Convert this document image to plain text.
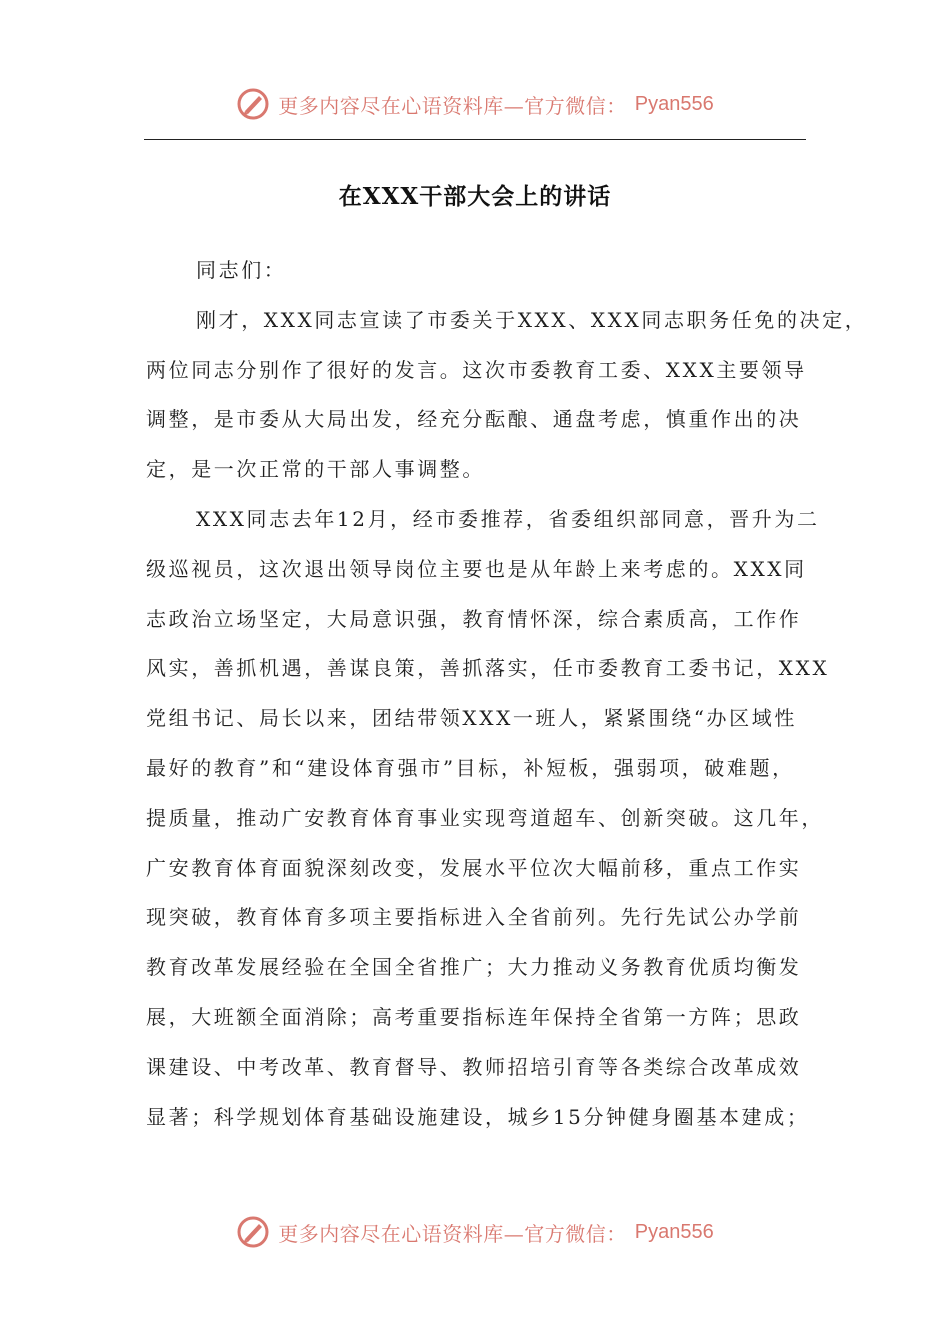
更多内容尽在心语资料库—官方微信： Pyan556
在XXX干部大会上的讲话
同志们：
刚才，XXX同志宣读了市委关于XXX、XXX同志职务任免的决定，
两位同志分别作了很好的发言。这次市委教育工委、XXX主要领导
调整，是市委从大局出发，经充分酝酿、通盘考虑，慎重作出的决
定，是一次正常的干部人事调整。
XXX同志去年12月，经市委推荐，省委组织部同意，晋升为二
级巡视员，这次退出领导岗位主要也是从年龄上来考虑的。XXX同
志政治立场坚定，大局意识强，教育情怀深，综合素质高，工作作
风实，善抓机遇，善谋良策，善抓落实，任市委教育工委书记，XXX
党组书记、局长以来，团结带领XXX一班人，紧紧围绕“办区域性
最好的教育”和“建设体育强市”目标，补短板，强弱项，破难题，
提质量，推动广安教育体育事业实现弯道超车、创新突破。这几年，
广安教育体育面貌深刻改变，发展水平位次大幅前移，重点工作实
现突破，教育体育多项主要指标进入全省前列。先行先试公办学前
教育改革发展经验在全国全省推广；大力推动义务教育优质均衡发
展，大班额全面消除；高考重要指标连年保持全省第一方阵；思政
课建设、中考改革、教育督导、教师招培引育等各类综合改革成效
显著；科学规划体育基础设施建设，城乡15分钟健身圈基本建成；
更多内容尽在心语资料库—官方微信： Pyan556
